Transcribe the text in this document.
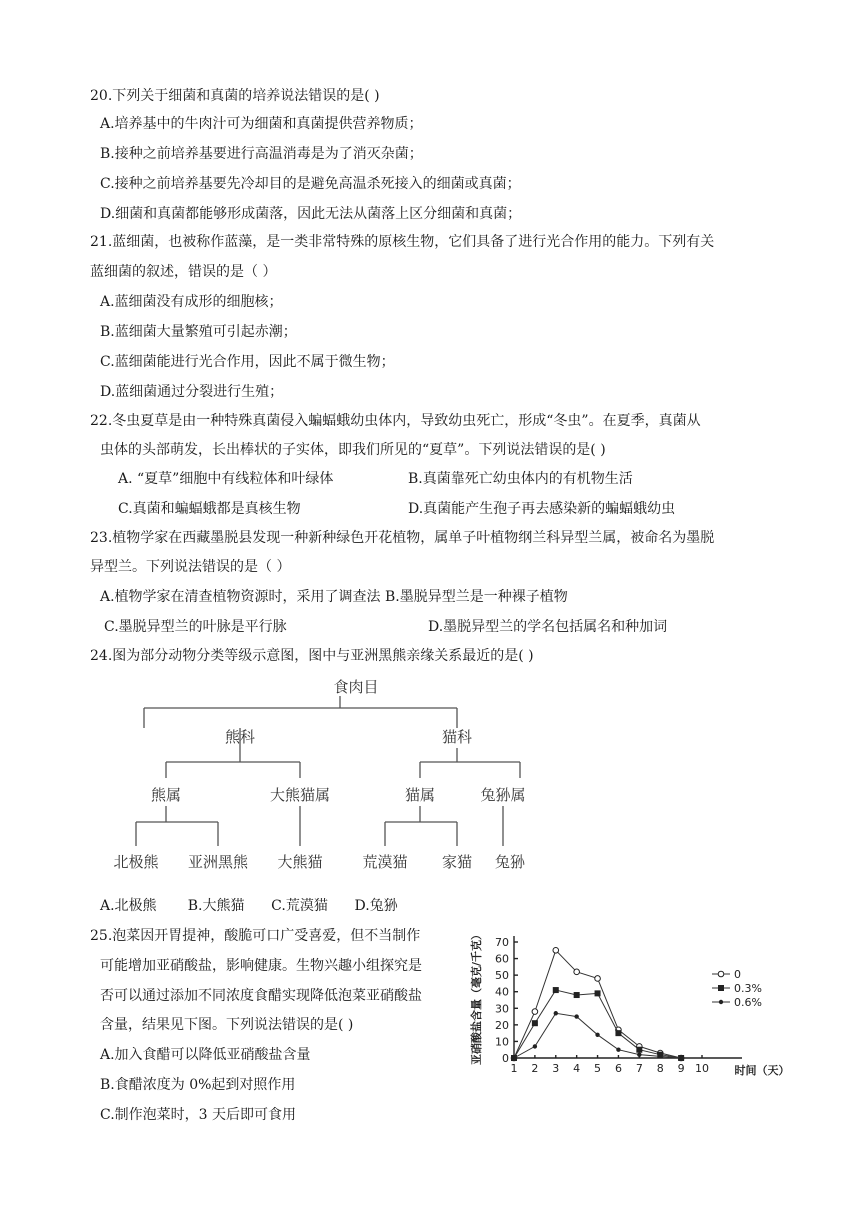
20.下列关于细菌和真菌的培养说法错误的是( )
A.培养基中的牛肉汁可为细菌和真菌提供营养物质；
B.接种之前培养基要进行高温消毒是为了消灭杂菌；
C.接种之前培养基要先冷却目的是避免高温杀死接入的细菌或真菌；
D.细菌和真菌都能够形成菌落，因此无法从菌落上区分细菌和真菌；
21.蓝细菌，也被称作蓝藻，是一类非常特殊的原核生物，它们具备了进行光合作用的能力。下列有关
蓝细菌的叙述，错误的是（ ）
A.蓝细菌没有成形的细胞核；
B.蓝细菌大量繁殖可引起赤潮；
C.蓝细菌能进行光合作用，因此不属于微生物；
D.蓝细菌通过分裂进行生殖；
22.冬虫夏草是由一种特殊真菌侵入蝙蝠蛾幼虫体内，导致幼虫死亡，形成“冬虫”。在夏季，真菌从
虫体的头部萌发，长出棒状的子实体，即我们所见的“夏草”。下列说法错误的是( )
A. “夏草”细胞中有线粒体和叶绿体	B.真菌靠死亡幼虫体内的有机物生活
C.真菌和蝙蝠蛾都是真核生物	D.真菌能产生孢子再去感染新的蝙蝠蛾幼虫
23.植物学家在西藏墨脱县发现一种新种绿色开花植物，属单子叶植物纲兰科异型兰属，被命名为墨脱
异型兰。下列说法错误的是（ ）
A.植物学家在清查植物资源时，采用了调查法 B.墨脱异型兰是一种裸子植物
C.墨脱异型兰的叶脉是平行脉	D.墨脱异型兰的学名包括属名和种加词
24.图为部分动物分类等级示意图，图中与亚洲黑熊亲缘关系最近的是( )
食肉目
熊科	猫科
熊属	大熊猫属	猫属	兔狲属
北极熊 亚洲黑熊 大熊猫	荒漠猫 家猫 兔狲
A.北极熊       B.大熊猫      C.荒漠猫      D.兔狲
25.泡菜因开胃提神，酸脆可口广受喜爱，但不当制作
可能增加亚硝酸盐，影响健康。生物兴趣小组探究是
否可以通过添加不同浓度食醋实现降低泡菜亚硝酸盐
含量，结果见下图。下列说法错误的是( )
A.加入食醋可以降低亚硝酸盐含量
B.食醋浓度为 0%起到对照作用
C.制作泡菜时，3 天后即可食用
亚硝酸盐含量（毫克/千克）
时间（天）
0
10
20
30
40
50
60
70
1 2 3 4 5 6 7 8 9 10
0
0.3%
0.6%
